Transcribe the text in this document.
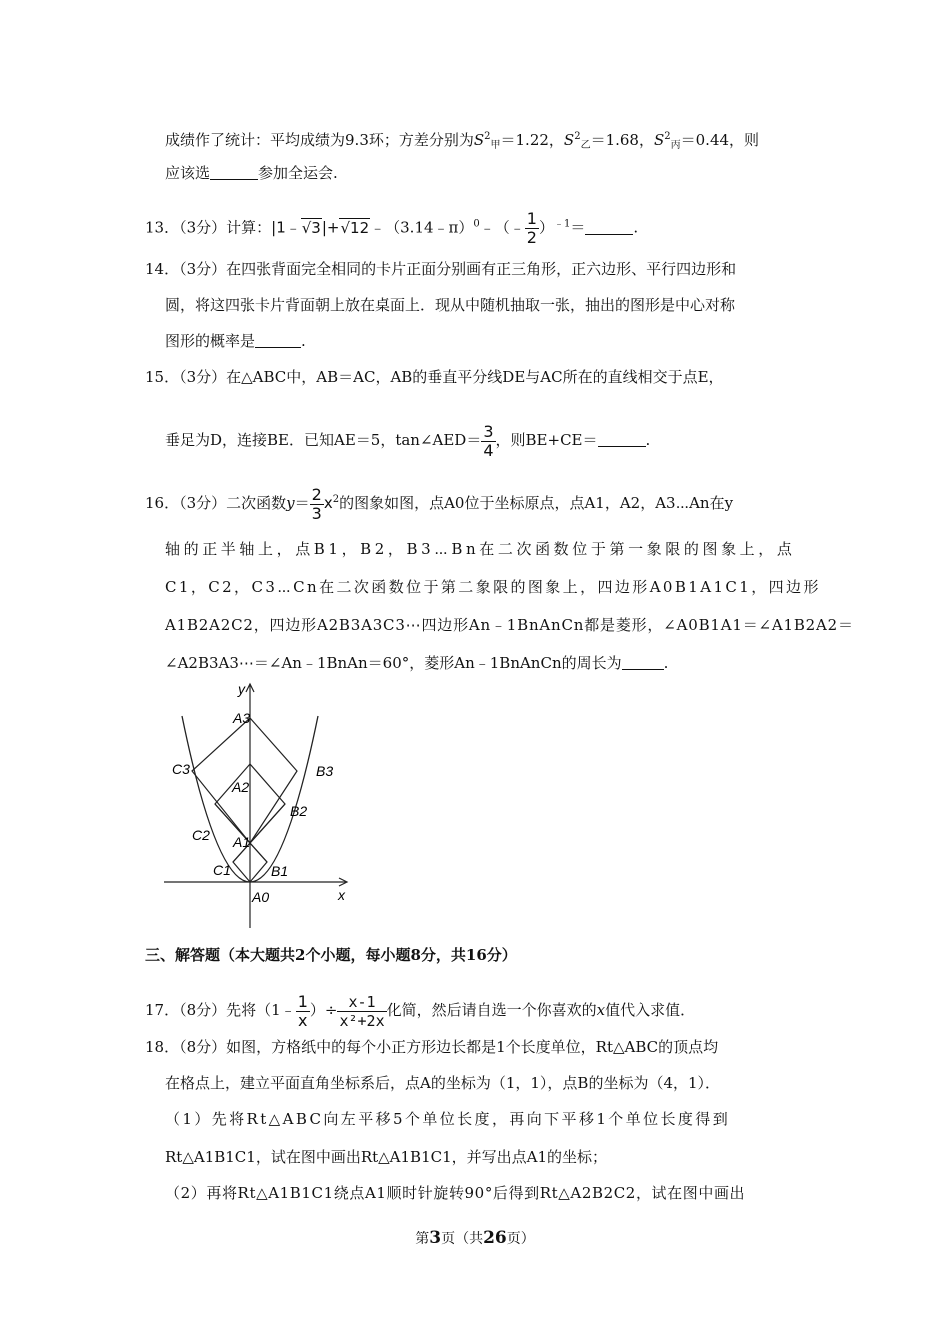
成绩作了统计：平均成绩为9.3环；方差分别为$S^2_甲=1.22$，$S^2_乙=1.68$，$S^2_丙=0.44$，则
应该选	参加全运会.
13．（3分）计算：|1﹣√3|+√12﹣（3.14﹣π）$^0$﹣（﹣ $\frac{1}{2} )^{﹣1}=$	.
14．（3分）在四张背面完全相同的卡片正面分别画有正三角形，正六边形、平行四边形和
圆，将这四张卡片背面朝上放在桌面上．现从中随机抽取一张，抽出的图形是中心对称
图形的概率是	.
15．（3分）在△ABC中，AB＝AC，AB的垂直平分线DE与AC所在的直线相交于点E，
垂足为D，连接BE．已知AE＝5，tan∠AED＝ $\frac{3}{4}$ ，则BE+CE＝	.
16．（3分）二次函数$y= \frac{2}{3} x^2$的图象如图，点A0位于坐标原点，点A1，A2，A3⋯An在y
轴的正半轴上，点B1，B2，B3⋯Bn在二次函数位于第一象限的图象上，点
C1，C2，C3⋯Cn在二次函数位于第二象限的图象上，四边形A0B1A1C1，四边形
A1B2A2C2，四边形A2B3A3C3⋯四边形An﹣1BnAnCn都是菱形，∠A0B1A1＝∠A1B2A2＝
∠A2B3A3⋯＝∠An﹣1BnAn＝60°，菱形An﹣1BnAnCn的周长为	.
y
x
A3
A2
A1
A0
B3
B2
B1
C3
C2
C1
三、解答题（本大题共2个小题，每小题8分，共16分）
17．（8分）先将（1﹣ $\frac{1}{x}$ ）÷ $\frac{x-1}{\text{x²+2x}}$ 化简，然后请自选一个你喜欢的x值代入求值．
18．（8分）如图，方格纸中的每个小正方形边长都是1个长度单位，Rt△ABC的顶点均
在格点上，建立平面直角坐标系后，点A的坐标为（1，1），点B的坐标为（4，1）．
（1）先将Rt△ABC向左平移5个单位长度，再向下平移1个单位长度得到
Rt△A1B1C1，试在图中画出Rt△A1B1C1，并写出点A1的坐标；
（2）再将Rt△A1B1C1绕点A1顺时针旋转90°后得到Rt△A2B2C2，试在图中画出
第3页（共26页）
